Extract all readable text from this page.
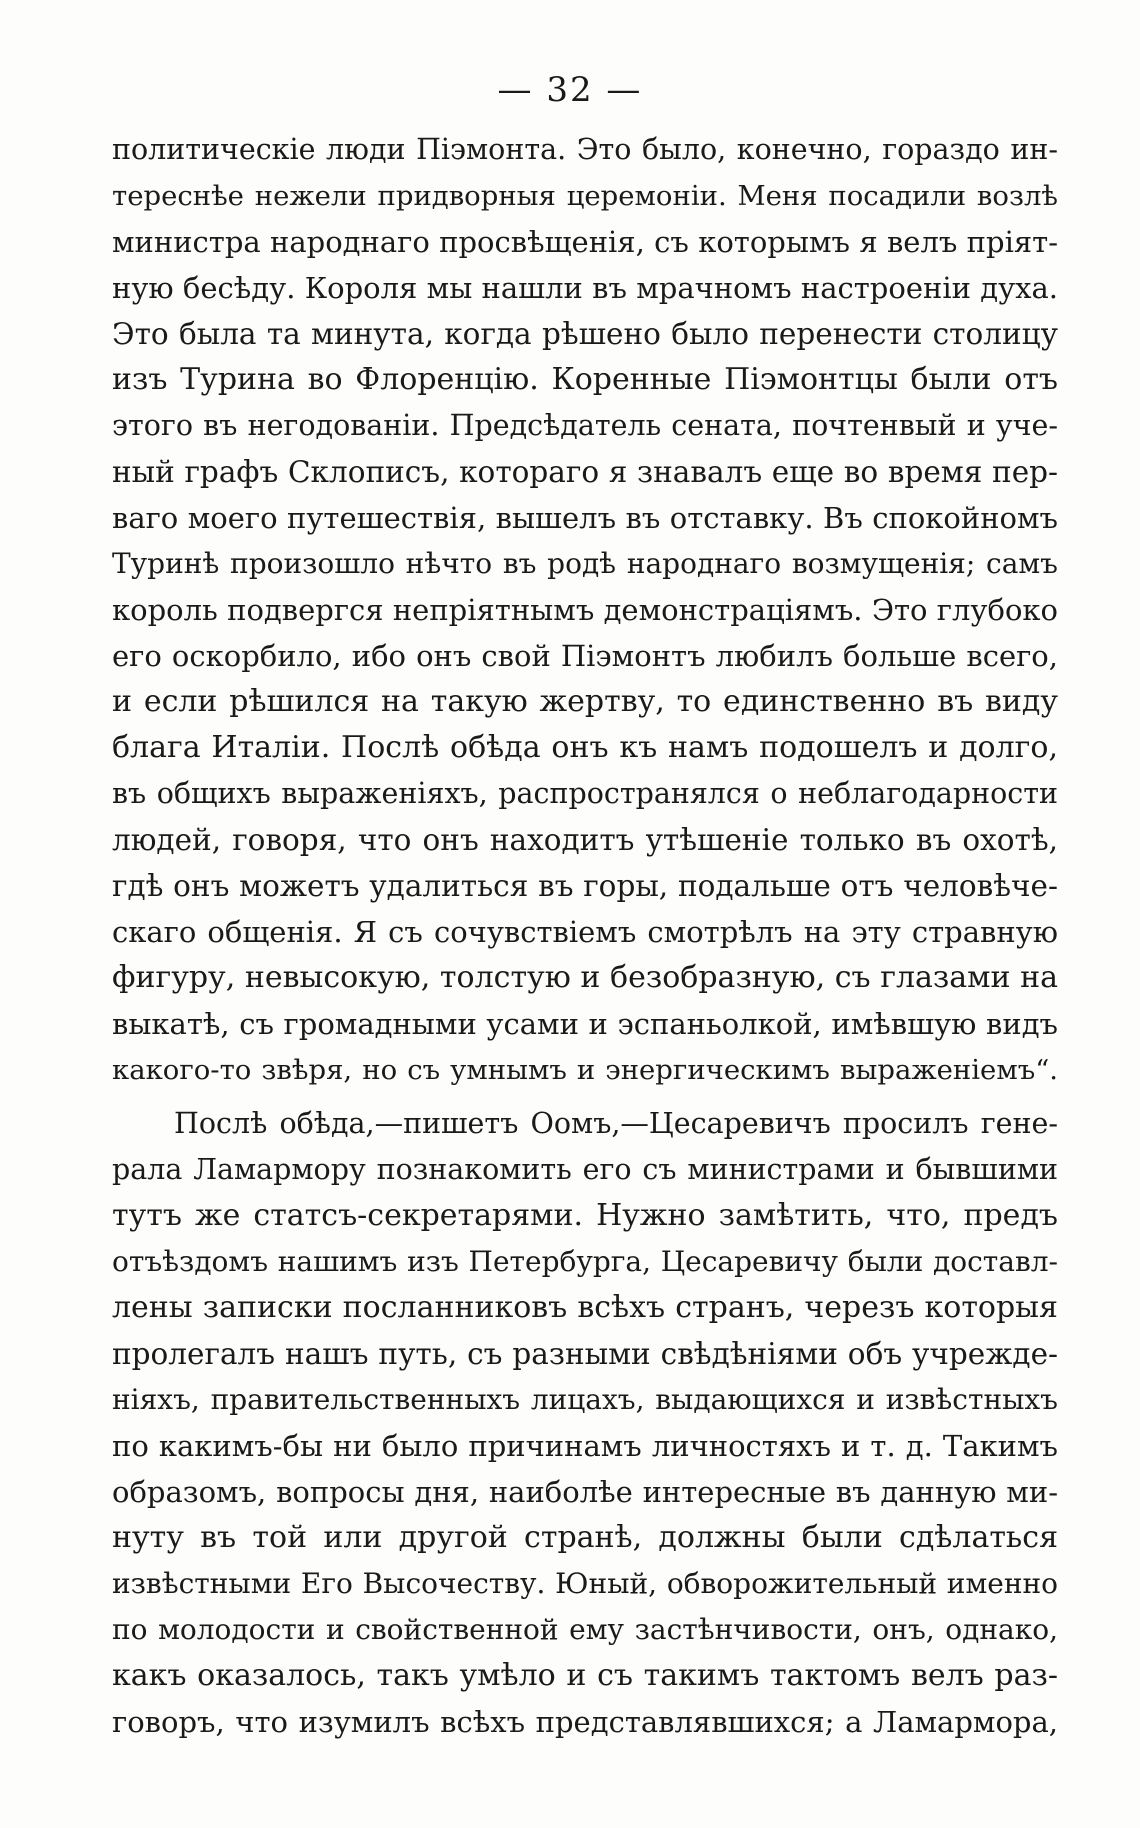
— 32 —
политическiе люди Пiэмонта. Это было, конечно, гораздо ин-
тереснѣе нежели придворныя церемонiи. Меня посадили возлѣ
министра народнаго просвѣщенiя, съ которымъ я велъ прiят-
ную бесѣду. Короля мы нашли въ мрачномъ настроенiи духа.
Это была та минута, когда рѣшено было перенести столицу
изъ Турина во Флоренцiю. Коренные Пiэмонтцы были отъ
этого въ негодованiи. Предсѣдатель сената, почтенвый и уче-
ный графъ Склописъ, котораго я знавалъ еще во время пер-
ваго моего путешествiя, вышелъ въ отставку. Въ спокойномъ
Туринѣ произошло нѣчто въ родѣ народнаго возмущенiя; самъ
король подвергся непрiятнымъ демонстрацiямъ. Это глубоко
его оскорбило, ибо онъ свой Пiэмонтъ любилъ больше всего,
и если рѣшился на такую жертву, то единственно въ виду
блага Италiи. Послѣ обѣда онъ къ намъ подошелъ и долго,
въ общихъ выраженiяхъ, распространялся о неблагодарности
людей, говоря, что онъ находитъ утѣшенiе только въ охотѣ,
гдѣ онъ можетъ удалиться въ горы, подальше отъ человѣче-
скаго общенiя. Я съ сочувствiемъ смотрѣлъ на эту стравную
фигуру, невысокую, толстую и безобразную, съ глазами на
выкатѣ, съ громадными усами и эспаньолкой, имѣвшую видъ
какого-то звѣря, но съ умнымъ и энергическимъ выраженiемъ“.
Послѣ обѣда,—пишетъ Оомъ,—Цесаревичъ просилъ гене-
рала Ламармору познакомить его съ министрами и бывшими
тутъ же статсъ-секретарями. Нужно замѣтить, что, предъ
отъѣздомъ нашимъ изъ Петербурга, Цесаревичу были доставл-
лены записки посланниковъ всѣхъ странъ, черезъ которыя
пролегалъ нашъ путь, съ разными свѣдѣнiями объ учрежде-
нiяхъ, правительственныхъ лицахъ, выдающихся и извѣстныхъ
по какимъ-бы ни было причинамъ личностяхъ и т. д. Такимъ
образомъ, вопросы дня, наиболѣе интересные въ данную ми-
нуту въ той или другой странѣ, должны были сдѣлаться
извѣстными Его Высочеству. Юный, обворожительный именно
по молодости и свойственной ему застѣнчивости, онъ, однако,
какъ оказалось, такъ умѣло и съ такимъ тактомъ велъ раз-
говоръ, что изумилъ всѣхъ представлявшихся; а Ламармора,
